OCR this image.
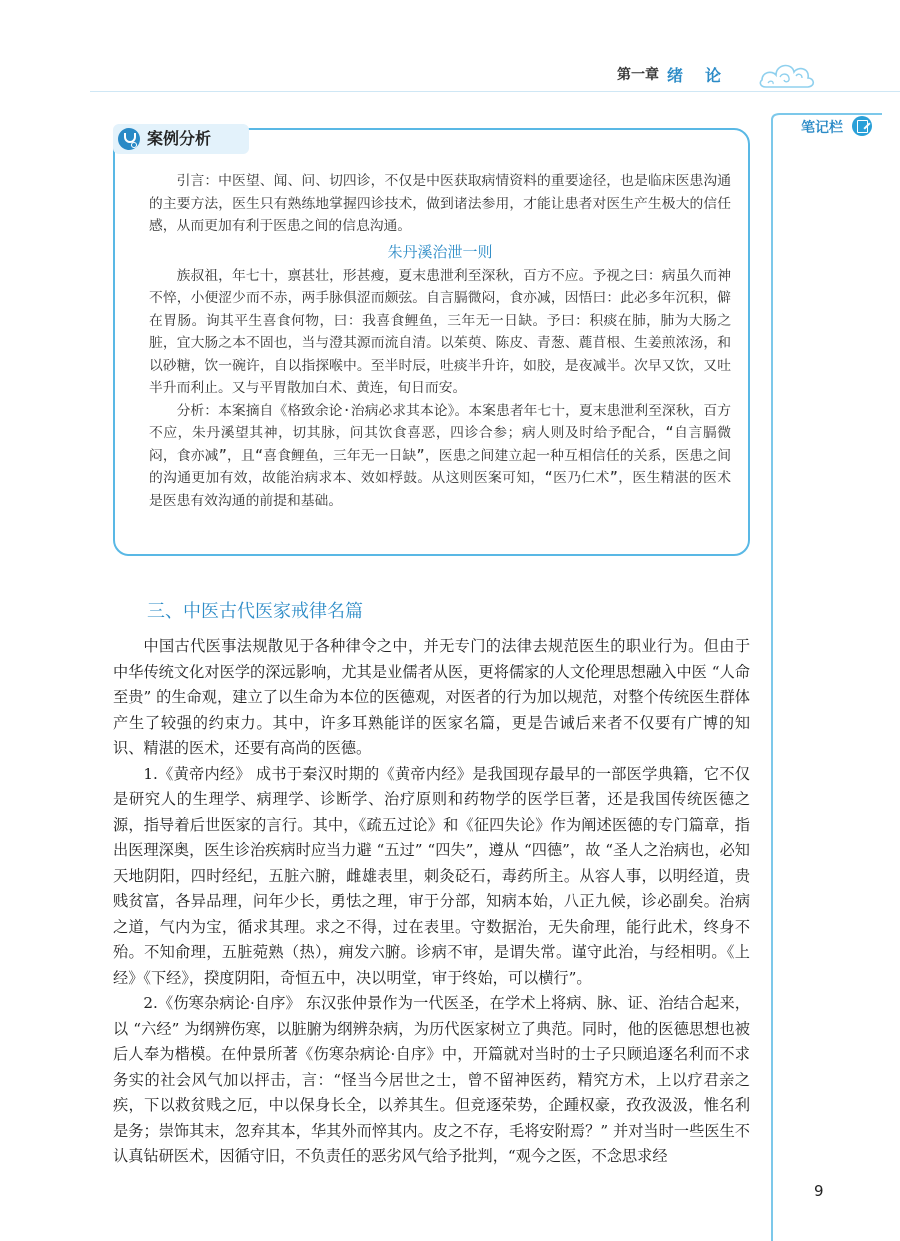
第一章 绪论
笔记栏
案例分析

引言：中医望、闻、问、切四诊，不仅是中医获取病情资料的重要途径，也是临床医患沟通的主要方法，医生只有熟练地掌握四诊技术，做到诸法参用，才能让患者对医生产生极大的信任感，从而更加有利于医患之间的信息沟通。

朱丹溪治泄一则

族叔祖，年七十，禀甚壮，形甚瘦，夏末患泄利至深秋，百方不应。予视之曰：病虽久而神不悴，小便涩少而不赤，两手脉俱涩而颇弦。自言膈微闷，食亦减，因悟曰：此必多年沉积，僻在胃肠。询其平生喜食何物，曰：我喜食鲤鱼，三年无一日缺。予曰：积痰在肺，肺为大肠之脏，宜大肠之本不固也，当与澄其源而流自清。以茱萸、陈皮、青葱、蔍苜根、生姜煎浓汤，和以砂糖，饮一碗许，自以指探喉中。至半时辰，吐痰半升许，如胶，是夜减半。次早又饮，又吐半升而利止。又与平胃散加白术、黄连，旬日而安。

分析：本案摘自《格致余论·治病必求其本论》。本案患者年七十，夏末患泄利至深秋，百方不应，朱丹溪望其神，切其脉，问其饮食喜恶，四诊合参；病人则及时给予配合，“自言膈微闷，食亦减”，且“喜食鲤鱼，三年无一日缺”，医患之间建立起一种互相信任的关系，医患之间的沟通更加有效，故能治病求本、效如桴鼓。从这则医案可知，“医乃仁术”，医生精湛的医术是医患有效沟通的前提和基础。

三、中医古代医家戒律名篇

中国古代医事法规散见于各种律令之中，并无专门的法律去规范医生的职业行为。但由于中华传统文化对医学的深远影响，尤其是业儒者从医，更将儒家的人文伦理思想融入中医 “人命至贵” 的生命观，建立了以生命为本位的医德观，对医者的行为加以规范，对整个传统医生群体产生了较强的约束力。其中，许多耳熟能详的医家名篇，更是告诫后来者不仅要有广博的知识、精湛的医术，还要有高尚的医德。

1.《黄帝内经》 成书于秦汉时期的《黄帝内经》是我国现存最早的一部医学典籍，它不仅是研究人的生理学、病理学、诊断学、治疗原则和药物学的医学巨著，还是我国传统医德之源，指导着后世医家的言行。其中，《疏五过论》和《征四失论》作为阐述医德的专门篇章，指出医理深奥，医生诊治疾病时应当力避 “五过” “四失”，遵从 “四德”，故 “圣人之治病也，必知天地阴阳，四时经纪，五脏六腑，雌雄表里，刺灸砭石，毒药所主。从容人事，以明经道，贵贱贫富，各异品理，问年少长，勇怯之理，审于分部，知病本始，八正九候，诊必副矣。治病之道，气内为宝，循求其理。求之不得，过在表里。守数据治，无失俞理，能行此术，终身不殆。不知俞理，五脏菀熟（热），痈发六腑。诊病不审，是谓失常。谨守此治，与经相明。《上经》《下经》，揆度阴阳，奇恒五中，决以明堂，审于终始，可以横行”。

2.《伤寒杂病论·自序》 东汉张仲景作为一代医圣，在学术上将病、脉、证、治结合起来，以 “六经” 为纲辨伤寒，以脏腑为纲辨杂病，为历代医家树立了典范。同时，他的医德思想也被后人奉为楷模。在仲景所著《伤寒杂病论·自序》中，开篇就对当时的士子只顾追逐名利而不求务实的社会风气加以抨击，言：“怪当今居世之士，曾不留神医药，精究方术，上以疗君亲之疾，下以救贫贱之厄，中以保身长全，以养其生。但竞逐荣势，企踵权豪，孜孜汲汲，惟名利是务；崇饰其末，忽弃其本，华其外而悴其内。皮之不存，毛将安附焉？” 并对当时一些医生不认真钻研医术，因循守旧，不负责任的恶劣风气给予批判，“观今之医，不念思求经

9
